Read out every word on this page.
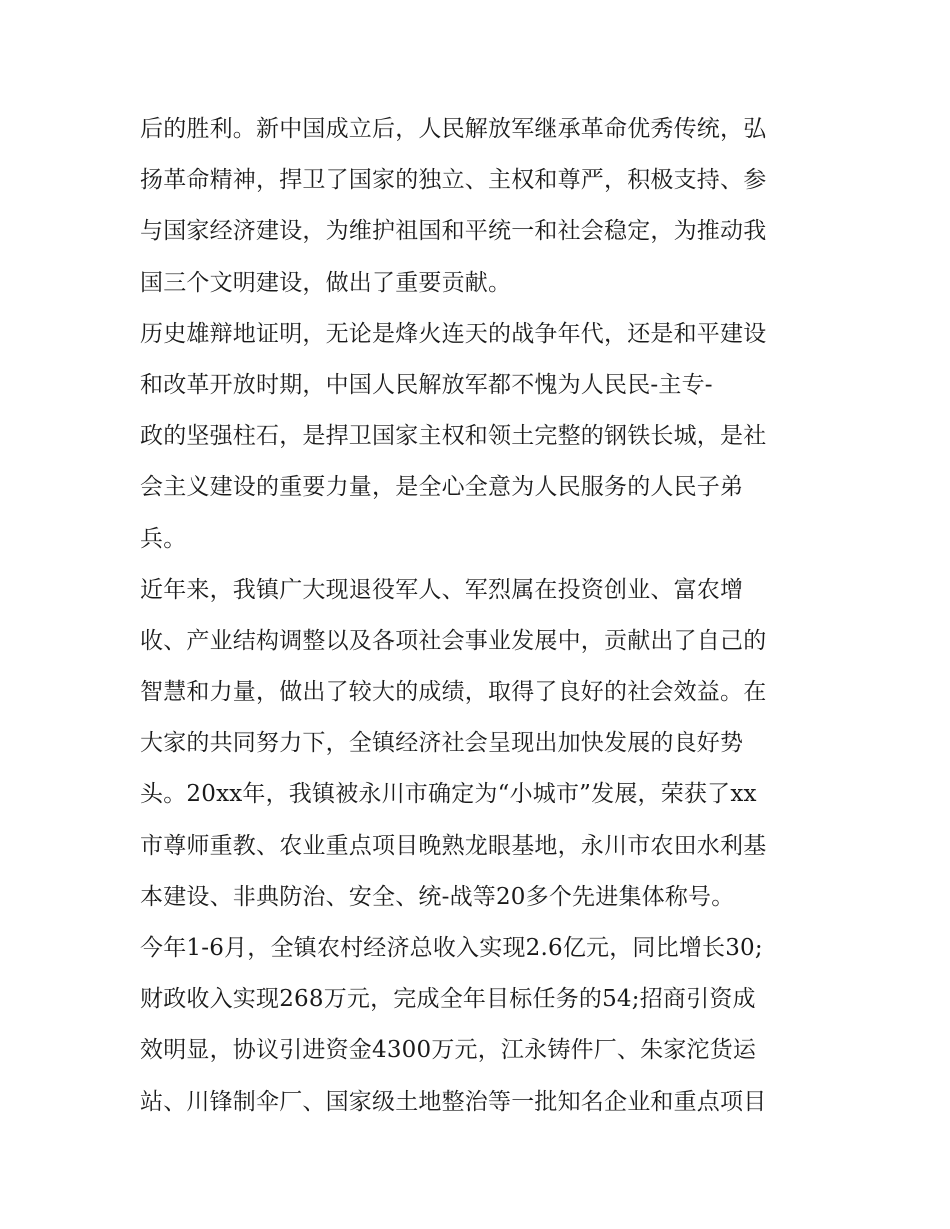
后的胜利。新中国成立后，人民解放军继承革命优秀传统，弘
扬革命精神，捍卫了国家的独立、主权和尊严，积极支持、参
与国家经济建设，为维护祖国和平统一和社会稳定，为推动我
国三个文明建设，做出了重要贡献。
历史雄辩地证明，无论是烽火连天的战争年代，还是和平建设
和改革开放时期，中国人民解放军都不愧为人民民-主专-
政的坚强柱石，是捍卫国家主权和领土完整的钢铁长城，是社
会主义建设的重要力量，是全心全意为人民服务的人民子弟
兵。
近年来，我镇广大现退役军人、军烈属在投资创业、富农增
收、产业结构调整以及各项社会事业发展中，贡献出了自己的
智慧和力量，做出了较大的成绩，取得了良好的社会效益。在
大家的共同努力下，全镇经济社会呈现出加快发展的良好势
头。20xx年，我镇被永川市确定为“小城市”发展，荣获了xx
市尊师重教、农业重点项目晚熟龙眼基地，永川市农田水利基
本建设、非典防治、安全、统-战等20多个先进集体称号。
今年1-6月，全镇农村经济总收入实现2.6亿元，同比增长30;
财政收入实现268万元，完成全年目标任务的54;招商引资成
效明显，协议引进资金4300万元，江永铸件厂、朱家沱货运
站、川锋制伞厂、国家级土地整治等一批知名企业和重点项目
